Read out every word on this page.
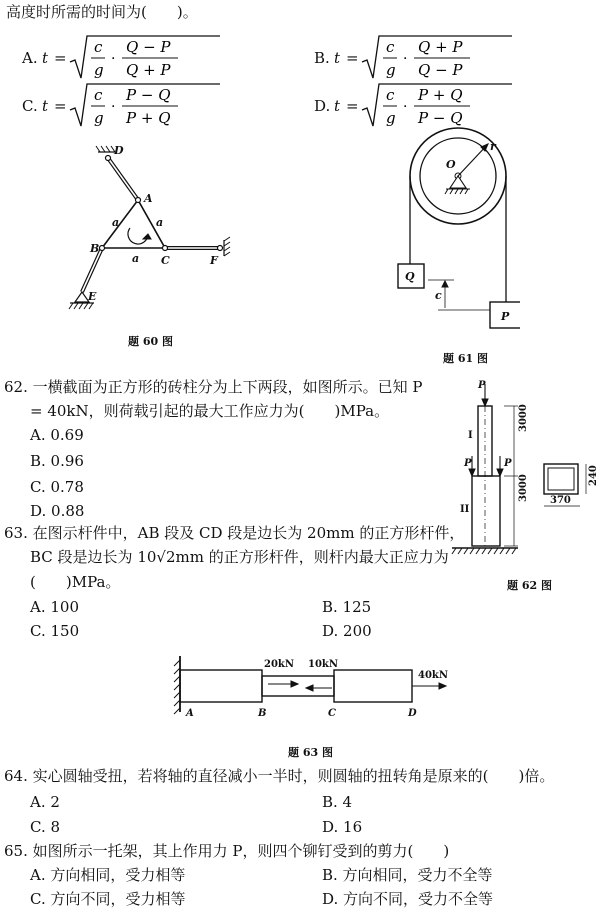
高度时所需的时间为(　　)。
A. t =
c
g
·
Q − P
Q + P
B. t =
c
g
·
Q + P
Q − P
C. t =
c
g
·
P − Q
P + Q
D. t =
c
g
·
P + Q
P − Q
D
A
B
C	F
E
a	a
a
题 60 图
O
r
Q
c
P
题 61 图
62. 一横截面为正方形的砖柱分为上下两段，如图所示。已知 P
= 40kN，则荷载引起的最大工作应力为(　　)MPa。
A. 0.69
B. 0.96
C. 0.78
D. 0.88
P
P	P
I
II
3000
3000	240
370
题 62 图
63. 在图示杆件中，AB 段及 CD 段是边长为 20mm 的正方形杆件，
BC 段是边长为 10√2mm 的正方形杆件，则杆内最大正应力为
(　　)MPa。
A. 100	B. 125
C. 150	D. 200
20kN 10kN
40kN
A	B	C	D
题 63 图
64. 实心圆轴受扭，若将轴的直径减小一半时，则圆轴的扭转角是原来的(　　)倍。
A. 2	B. 4
C. 8	D. 16
65. 如图所示一托架，其上作用力 P，则四个铆钉受到的剪力(　　)
A. 方向相同，受力相等	B. 方向相同，受力不全等
C. 方向不同，受力相等	D. 方向不同，受力不全等
